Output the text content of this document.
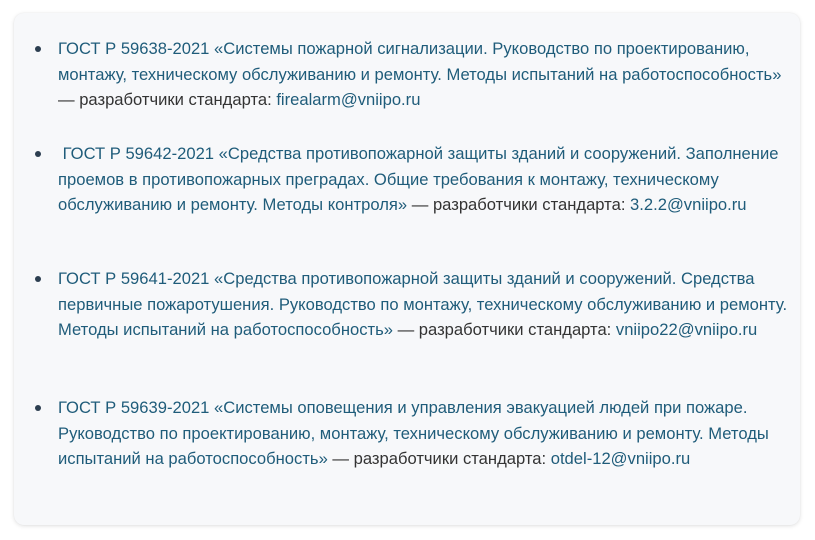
ГОСТ Р 59638-2021 «Системы пожарной сигнализации. Руководство по проектированию, монтажу, техническому обслуживанию и ремонту. Методы испытаний на работоспособность» — разработчики стандарта: firealarm@vniipo.ru
ГОСТ Р 59642-2021 «Средства противопожарной защиты зданий и сооружений. Заполнение проемов в противопожарных преградах. Общие требования к монтажу, техническому обслуживанию и ремонту. Методы контроля» — разработчики стандарта: 3.2.2@vniipo.ru
ГОСТ Р 59641-2021 «Средства противопожарной защиты зданий и сооружений. Средства первичные пожаротушения. Руководство по монтажу, техническому обслуживанию и ремонту. Методы испытаний на работоспособность» — разработчики стандарта: vniipo22@vniipo.ru
ГОСТ Р 59639-2021 «Системы оповещения и управления эвакуацией людей при пожаре. Руководство по проектированию, монтажу, техническому обслуживанию и ремонту. Методы испытаний на работоспособность» — разработчики стандарта: otdel-12@vniipo.ru
